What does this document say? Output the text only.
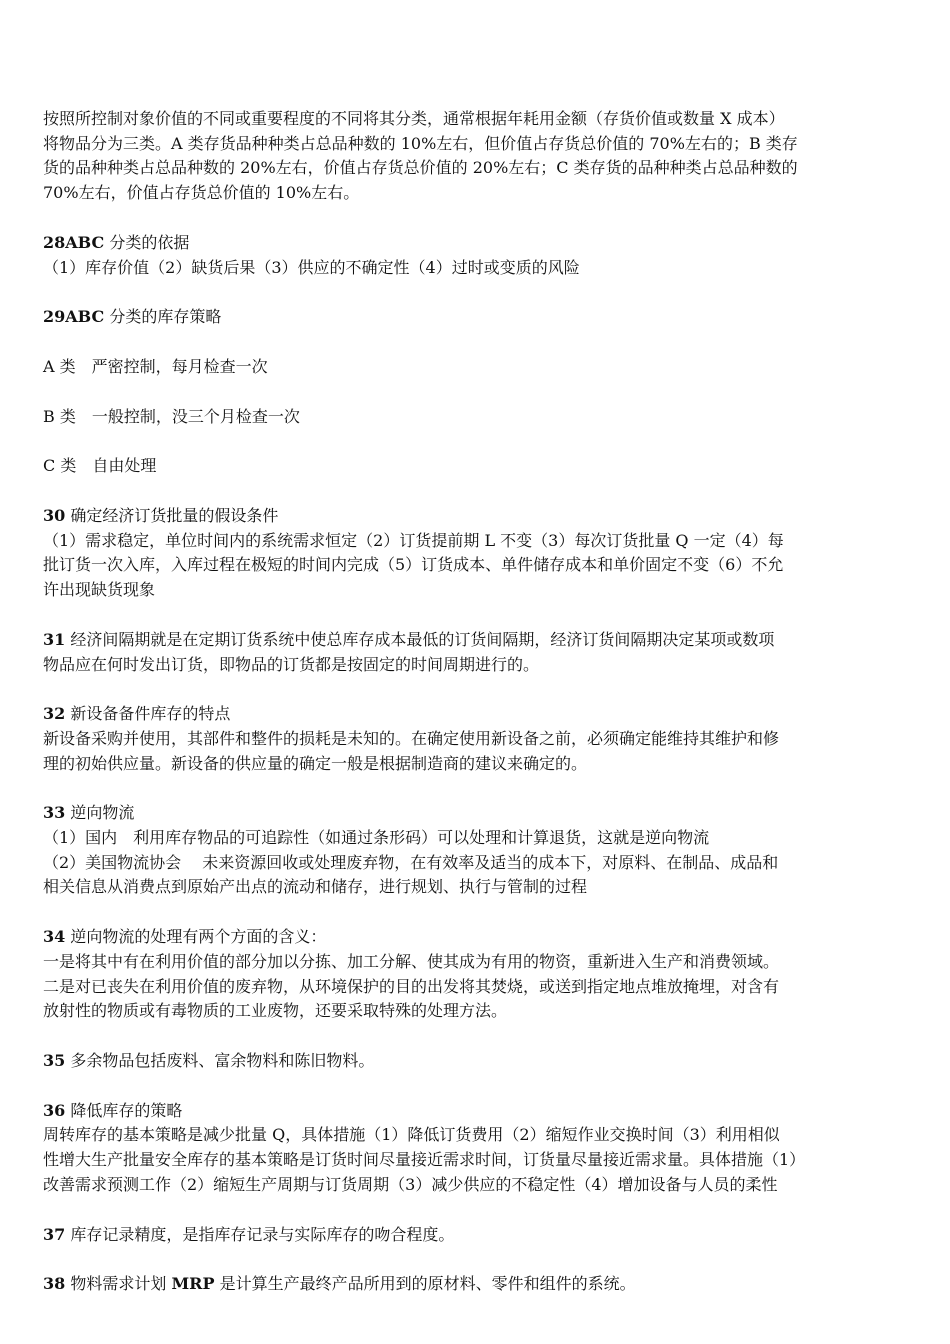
按照所控制对象价值的不同或重要程度的不同将其分类，通常根据年耗用金额（存货价值或数量 X 成本）

将物品分为三类。A 类存货品种种类占总品种数的 10%左右，但价值占存货总价值的 70%左右的；B 类存

货的品种种类占总品种数的 20%左右，价值占存货总价值的 20%左右；C 类存货的品种种类占总品种数的

70%左右，价值占存货总价值的 10%左右。

28ABC 分类的依据

（1）库存价值（2）缺货后果（3）供应的不确定性（4）过时或变质的风险

29ABC 分类的库存策略

A 类　严密控制，每月检查一次

B 类　一般控制，没三个月检查一次

C 类　自由处理

30 确定经济订货批量的假设条件

（1）需求稳定，单位时间内的系统需求恒定（2）订货提前期 L 不变（3）每次订货批量 Q 一定（4）每

批订货一次入库，入库过程在极短的时间内完成（5）订货成本、单件储存成本和单价固定不变（6）不允

许出现缺货现象

31 经济间隔期就是在定期订货系统中使总库存成本最低的订货间隔期，经济订货间隔期决定某项或数项

物品应在何时发出订货，即物品的订货都是按固定的时间周期进行的。

32 新设备备件库存的特点

新设备采购并使用，其部件和整件的损耗是未知的。在确定使用新设备之前，必须确定能维持其维护和修

理的初始供应量。新设备的供应量的确定一般是根据制造商的建议来确定的。

33 逆向物流

（1）国内　利用库存物品的可追踪性（如通过条形码）可以处理和计算退货，这就是逆向物流

（2）美国物流协会　 未来资源回收或处理废弃物，在有效率及适当的成本下，对原料、在制品、成品和

相关信息从消费点到原始产出点的流动和储存，进行规划、执行与管制的过程

34 逆向物流的处理有两个方面的含义：

一是将其中有在利用价值的部分加以分拣、加工分解、使其成为有用的物资，重新进入生产和消费领域。

二是对已丧失在利用价值的废弃物，从环境保护的目的出发将其焚烧，或送到指定地点堆放掩埋，对含有

放射性的物质或有毒物质的工业废物，还要采取特殊的处理方法。

35 多余物品包括废料、富余物料和陈旧物料。

36 降低库存的策略

周转库存的基本策略是减少批量 Q，具体措施（1）降低订货费用（2）缩短作业交换时间（3）利用相似

性增大生产批量安全库存的基本策略是订货时间尽量接近需求时间，订货量尽量接近需求量。具体措施（1）

改善需求预测工作（2）缩短生产周期与订货周期（3）减少供应的不稳定性（4）增加设备与人员的柔性

37 库存记录精度，是指库存记录与实际库存的吻合程度。

38 物料需求计划 MRP 是计算生产最终产品所用到的原材料、零件和组件的系统。
